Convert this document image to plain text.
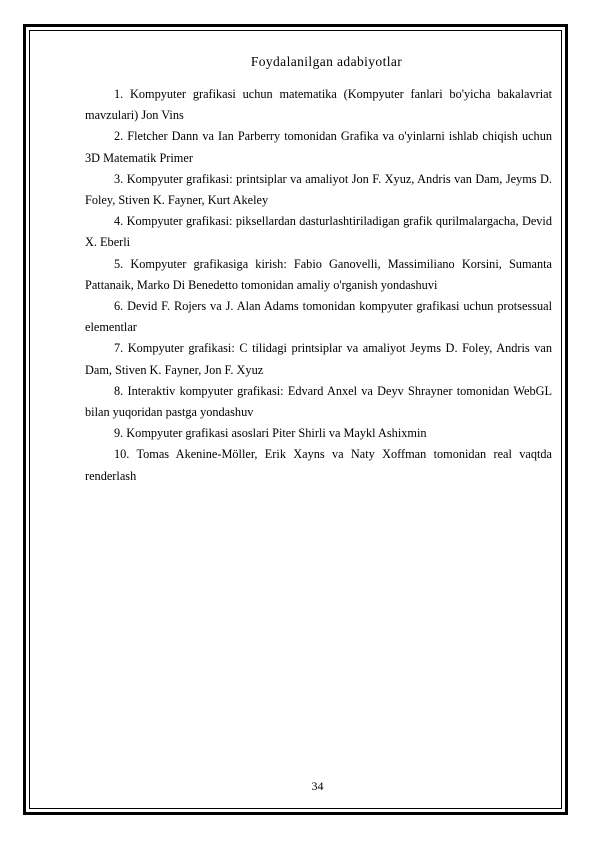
Foydalanilgan adabiyotlar
1. Kompyuter grafikasi uchun matematika (Kompyuter fanlari bo'yicha bakalavriat mavzulari) Jon Vins
2. Fletcher Dann va Ian Parberry tomonidan Grafika va o'yinlarni ishlab chiqish uchun 3D Matematik Primer
3. Kompyuter grafikasi: printsiplar va amaliyot Jon F. Xyuz, Andris van Dam, Jeyms D. Foley, Stiven K. Fayner, Kurt Akeley
4. Kompyuter grafikasi: piksellardan dasturlashtiriladigan grafik qurilmalargacha, Devid X. Eberli
5. Kompyuter grafikasiga kirish: Fabio Ganovelli, Massimiliano Korsini, Sumanta Pattanaik, Marko Di Benedetto tomonidan amaliy o'rganish yondashuvi
6. Devid F. Rojers va J. Alan Adams tomonidan kompyuter grafikasi uchun protsessual elementlar
7. Kompyuter grafikasi: C tilidagi printsiplar va amaliyot Jeyms D. Foley, Andris van Dam, Stiven K. Fayner, Jon F. Xyuz
8. Interaktiv kompyuter grafikasi: Edvard Anxel va Deyv Shrayner tomonidan WebGL bilan yuqoridan pastga yondashuv
9. Kompyuter grafikasi asoslari Piter Shirli va Maykl Ashixmin
10. Tomas Akenine-Möller, Erik Xayns va Naty Xoffman tomonidan real vaqtda renderlash
34
